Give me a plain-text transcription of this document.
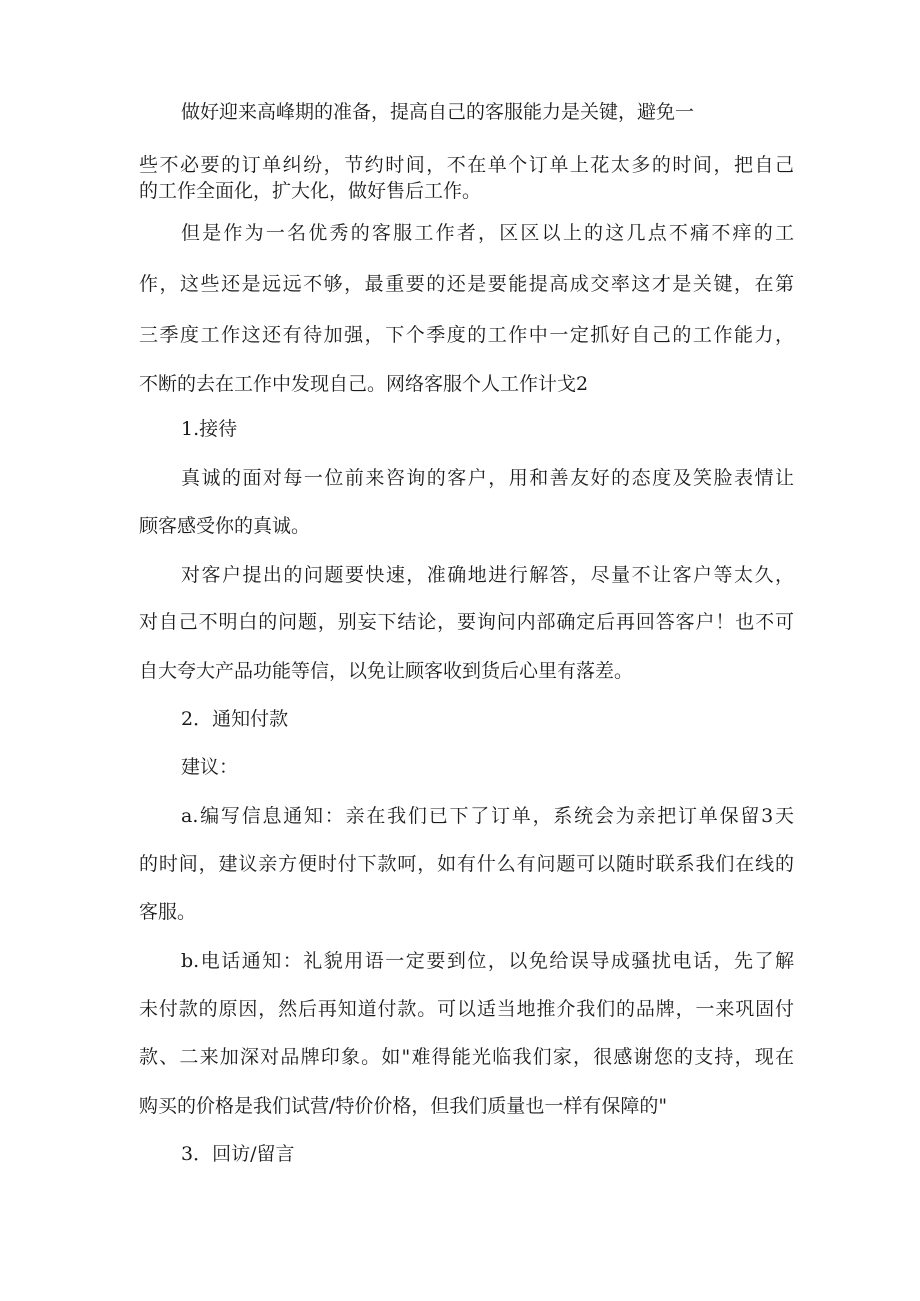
做好迎来高峰期的准备，提高自己的客服能力是关键，避免一
些不必要的订单纠纷，节约时间，不在单个订单上花太多的时间，把自己
的工作全面化，扩大化，做好售后工作。
但是作为一名优秀的客服工作者，区区以上的这几点不痛不痒的工
作，这些还是远远不够，最重要的还是要能提高成交率这才是关键，在第
三季度工作这还有待加强，下个季度的工作中一定抓好自己的工作能力，
不断的去在工作中发现自己。网络客服个人工作计戈2
1.接待
真诚的面对每一位前来咨询的客户，用和善友好的态度及笑脸表情让
顾客感受你的真诚。
对客户提出的问题要快速，准确地进行解答，尽量不让客户等太久，
对自己不明白的问题，别妄下结论，要询问内部确定后再回答客户！也不可
自大夸大产品功能等信，以免让顾客收到货后心里有落差。
2．通知付款
建议：
a.编写信息通知：亲在我们已下了订单，系统会为亲把订单保留3天
的时间，建议亲方便时付下款呵，如有什么有问题可以随时联系我们在线的
客服。
b.电话通知：礼貌用语一定要到位，以免给误导成骚扰电话，先了解
未付款的原因，然后再知道付款。可以适当地推介我们的品牌，一来巩固付
款、二来加深对品牌印象。如"难得能光临我们家，很感谢您的支持，现在
购买的价格是我们试营/特价价格，但我们质量也一样有保障的"
3．回访/留言
